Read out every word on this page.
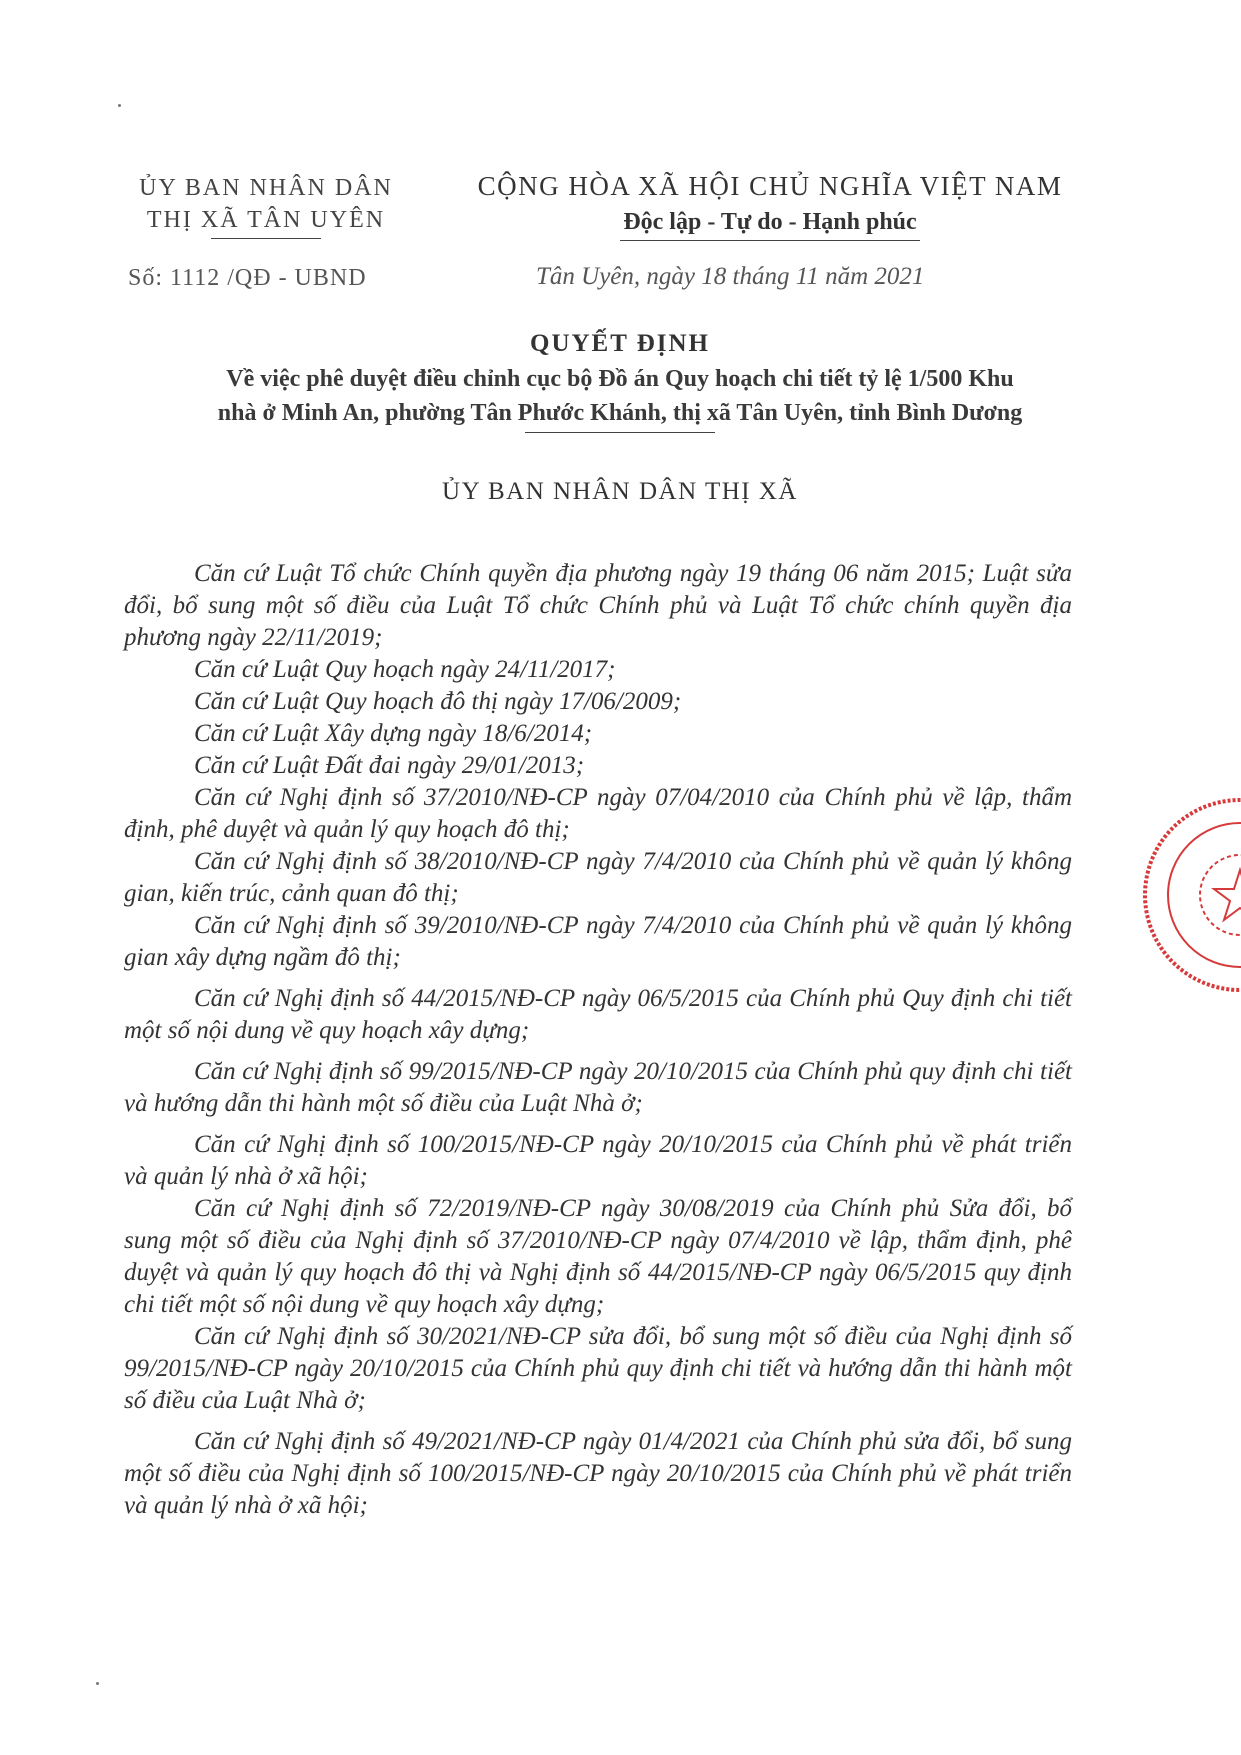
ỦY BAN NHÂN DÂN
THỊ XÃ TÂN UYÊN
CỘNG HÒA XÃ HỘI CHỦ NGHĨA VIỆT NAM
Độc lập - Tự do - Hạnh phúc
Số: 1112 /QĐ - UBND	Tân Uyên, ngày 18 tháng 11 năm 2021
QUYẾT ĐỊNH
Về việc phê duyệt điều chỉnh cục bộ Đồ án Quy hoạch chi tiết tỷ lệ 1/500 Khu
nhà ở Minh An, phường Tân Phước Khánh, thị xã Tân Uyên, tỉnh Bình Dương
ỦY BAN NHÂN DÂN THỊ XÃ

Căn cứ Luật Tổ chức Chính quyền địa phương ngày 19 tháng 06 năm 2015; Luật sửa đổi, bổ sung một số điều của Luật Tổ chức Chính phủ và Luật Tổ chức chính quyền địa phương ngày 22/11/2019;

Căn cứ Luật Quy hoạch ngày 24/11/2017;

Căn cứ Luật Quy hoạch đô thị ngày 17/06/2009;

Căn cứ Luật Xây dựng ngày 18/6/2014;

Căn cứ Luật Đất đai ngày 29/01/2013;

Căn cứ Nghị định số 37/2010/NĐ-CP ngày 07/04/2010 của Chính phủ về lập, thẩm định, phê duyệt và quản lý quy hoạch đô thị;

Căn cứ Nghị định số 38/2010/NĐ-CP ngày 7/4/2010 của Chính phủ về quản lý không gian, kiến trúc, cảnh quan đô thị;

Căn cứ Nghị định số 39/2010/NĐ-CP ngày 7/4/2010 của Chính phủ về quản lý không gian xây dựng ngầm đô thị;

Căn cứ Nghị định số 44/2015/NĐ-CP ngày 06/5/2015 của Chính phủ Quy định chi tiết một số nội dung về quy hoạch xây dựng;

Căn cứ Nghị định số 99/2015/NĐ-CP ngày 20/10/2015 của Chính phủ quy định chi tiết và hướng dẫn thi hành một số điều của Luật Nhà ở;

Căn cứ Nghị định số 100/2015/NĐ-CP ngày 20/10/2015 của Chính phủ về phát triển và quản lý nhà ở xã hội;

Căn cứ Nghị định số 72/2019/NĐ-CP ngày 30/08/2019 của Chính phủ Sửa đổi, bổ sung một số điều của Nghị định số 37/2010/NĐ-CP ngày 07/4/2010 về lập, thẩm định, phê duyệt và quản lý quy hoạch đô thị và Nghị định số 44/2015/NĐ-CP ngày 06/5/2015 quy định chi tiết một số nội dung về quy hoạch xây dựng;

Căn cứ Nghị định số 30/2021/NĐ-CP sửa đổi, bổ sung một số điều của Nghị định số 99/2015/NĐ-CP ngày 20/10/2015 của Chính phủ quy định chi tiết và hướng dẫn thi hành một số điều của Luật Nhà ở;

Căn cứ Nghị định số 49/2021/NĐ-CP ngày 01/4/2021 của Chính phủ sửa đổi, bổ sung một số điều của Nghị định số 100/2015/NĐ-CP ngày 20/10/2015 của Chính phủ về phát triển và quản lý nhà ở xã hội;
